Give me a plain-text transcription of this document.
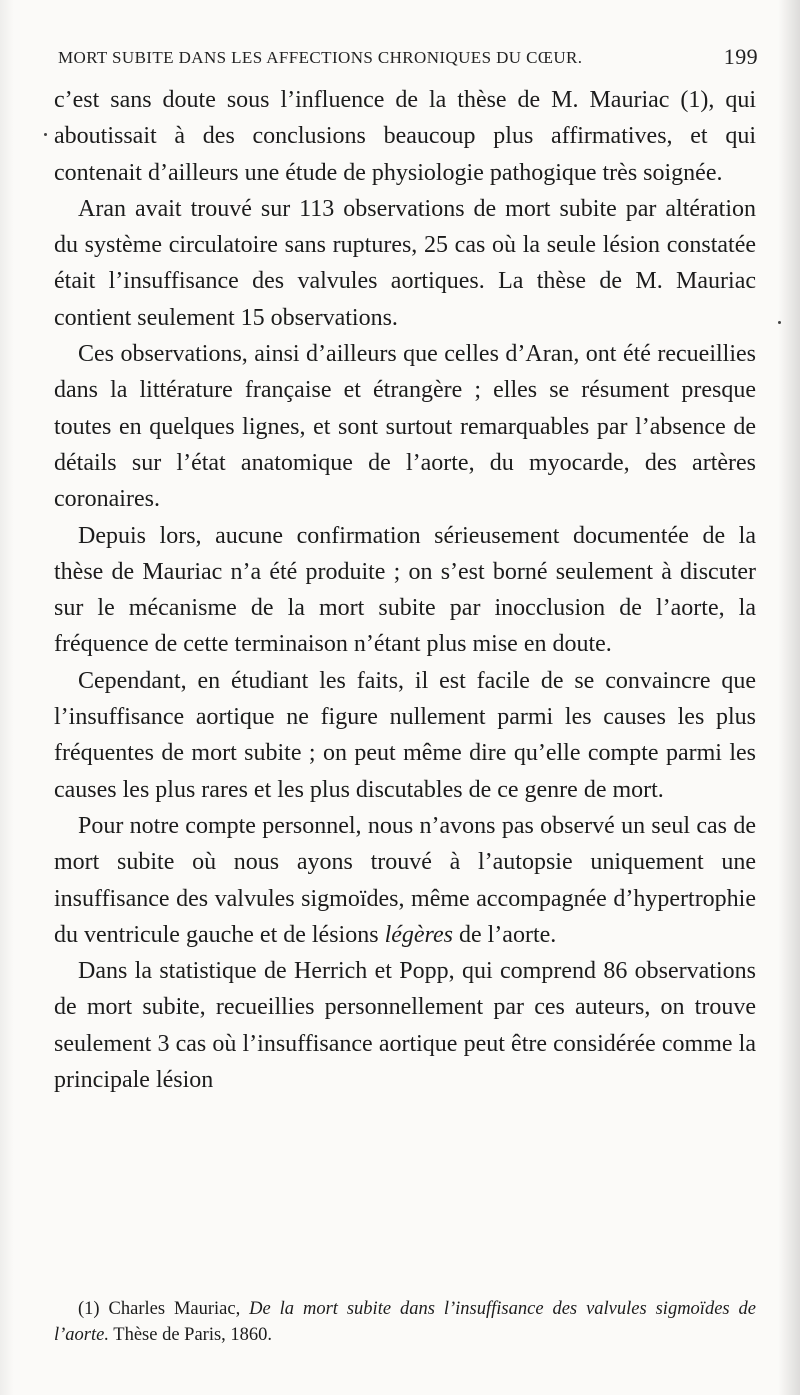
MORT SUBITE DANS LES AFFECTIONS CHRONIQUES DU CŒUR.	199

c’est sans doute sous l’influence de la thèse de M. Mauriac (1), qui aboutissait à des conclusions beaucoup plus affirmatives, et qui contenait d’ailleurs une étude de physiologie pathogique très soignée.

Aran avait trouvé sur 113 observations de mort subite par altération du système circulatoire sans ruptures, 25 cas où la seule lésion constatée était l’insuffisance des valvules aortiques. La thèse de M. Mauriac contient seulement 15 observations.

Ces observations, ainsi d’ailleurs que celles d’Aran, ont été recueillies dans la littérature française et étrangère ; elles se résument presque toutes en quelques lignes, et sont surtout remarquables par l’absence de détails sur l’état anatomique de l’aorte, du myocarde, des artères coronaires.

Depuis lors, aucune confirmation sérieusement documentée de la thèse de Mauriac n’a été produite ; on s’est borné seulement à discuter sur le mécanisme de la mort subite par inocclusion de l’aorte, la fréquence de cette terminaison n’étant plus mise en doute.

Cependant, en étudiant les faits, il est facile de se convaincre que l’insuffisance aortique ne figure nullement parmi les causes les plus fréquentes de mort subite ; on peut même dire qu’elle compte parmi les causes les plus rares et les plus discutables de ce genre de mort.

Pour notre compte personnel, nous n’avons pas observé un seul cas de mort subite où nous ayons trouvé à l’autopsie uniquement une insuffisance des valvules sigmoïdes, même accompagnée d’hypertrophie du ventricule gauche et de lésions légères de l’aorte.

Dans la statistique de Herrich et Popp, qui comprend 86 observations de mort subite, recueillies personnellement par ces auteurs, on trouve seulement 3 cas où l’insuffisance aortique peut être considérée comme la principale lésion

(1) Charles Mauriac, De la mort subite dans l’insuffisance des valvules sigmoïdes de l’aorte. Thèse de Paris, 1860.
